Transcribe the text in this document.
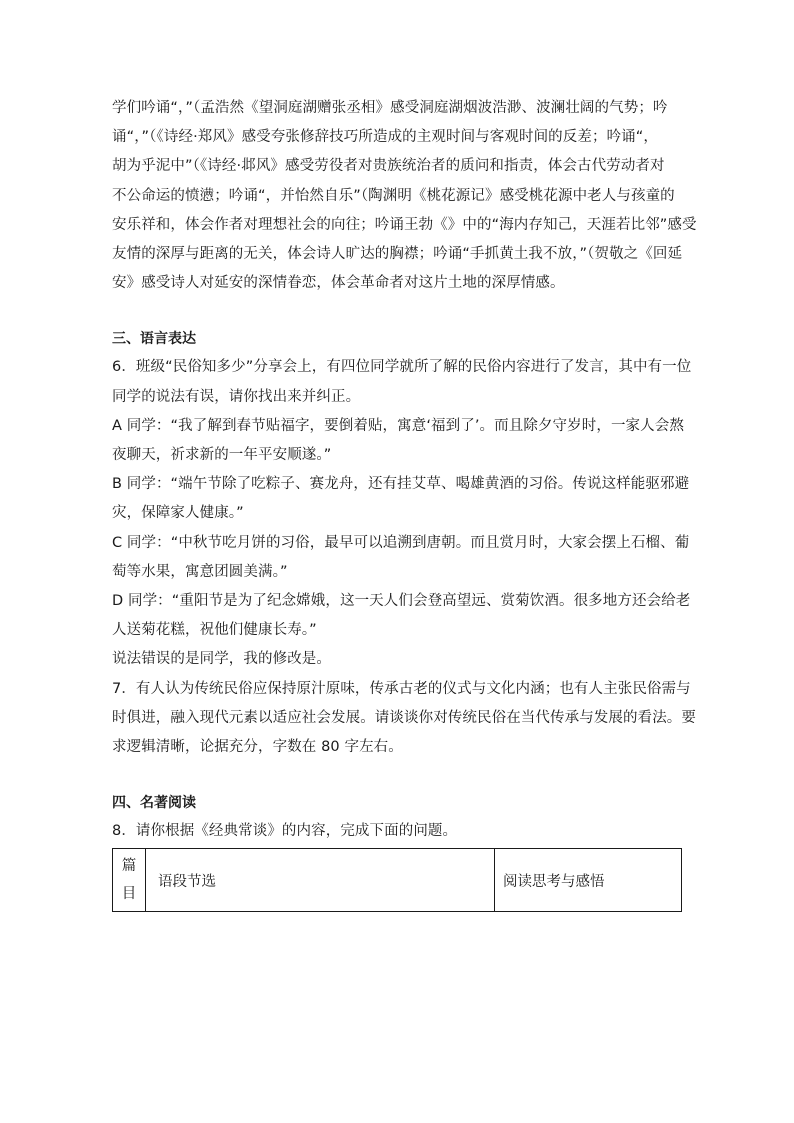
学们吟诵“，”（孟浩然《望洞庭湖赠张丞相》感受洞庭湖烟波浩渺、波澜壮阔的气势；吟
诵“，”（《诗经·郑风》感受夸张修辞技巧所造成的主观时间与客观时间的反差；吟诵“，
胡为乎泥中”（《诗经·邶风》感受劳役者对贵族统治者的质问和指责，体会古代劳动者对
不公命运的愤懑；吟诵“，并怡然自乐”（陶渊明《桃花源记》感受桃花源中老人与孩童的
安乐祥和，体会作者对理想社会的向往；吟诵王勃《》中的“海内存知己，天涯若比邻”感受
友情的深厚与距离的无关，体会诗人旷达的胸襟；吟诵“手抓黄土我不放，”（贺敬之《回延
安》感受诗人对延安的深情眷恋，体会革命者对这片土地的深厚情感。

三、语言表达

6．班级“民俗知多少”分享会上，有四位同学就所了解的民俗内容进行了发言，其中有一位
同学的说法有误，请你找出来并纠正。

A 同学：“我了解到春节贴福字，要倒着贴，寓意‘福到了’。而且除夕守岁时，一家人会熬
夜聊天，祈求新的一年平安顺遂。”

B 同学：“端午节除了吃粽子、赛龙舟，还有挂艾草、喝雄黄酒的习俗。传说这样能驱邪避
灾，保障家人健康。”

C 同学：“中秋节吃月饼的习俗，最早可以追溯到唐朝。而且赏月时，大家会摆上石榴、葡
萄等水果，寓意团圆美满。”

D 同学：“重阳节是为了纪念嫦娥，这一天人们会登高望远、赏菊饮酒。很多地方还会给老
人送菊花糕，祝他们健康长寿。”

说法错误的是同学，我的修改是。

7．有人认为传统民俗应保持原汁原味，传承古老的仪式与文化内涵；也有人主张民俗需与
时俱进，融入现代元素以适应社会发展。请谈谈你对传统民俗在当代传承与发展的看法。要
求逻辑清晰，论据充分，字数在 80 字左右。

四、名著阅读

8．请你根据《经典常谈》的内容，完成下面的问题。

篇
目
	语段节选	阅读思考与感悟
